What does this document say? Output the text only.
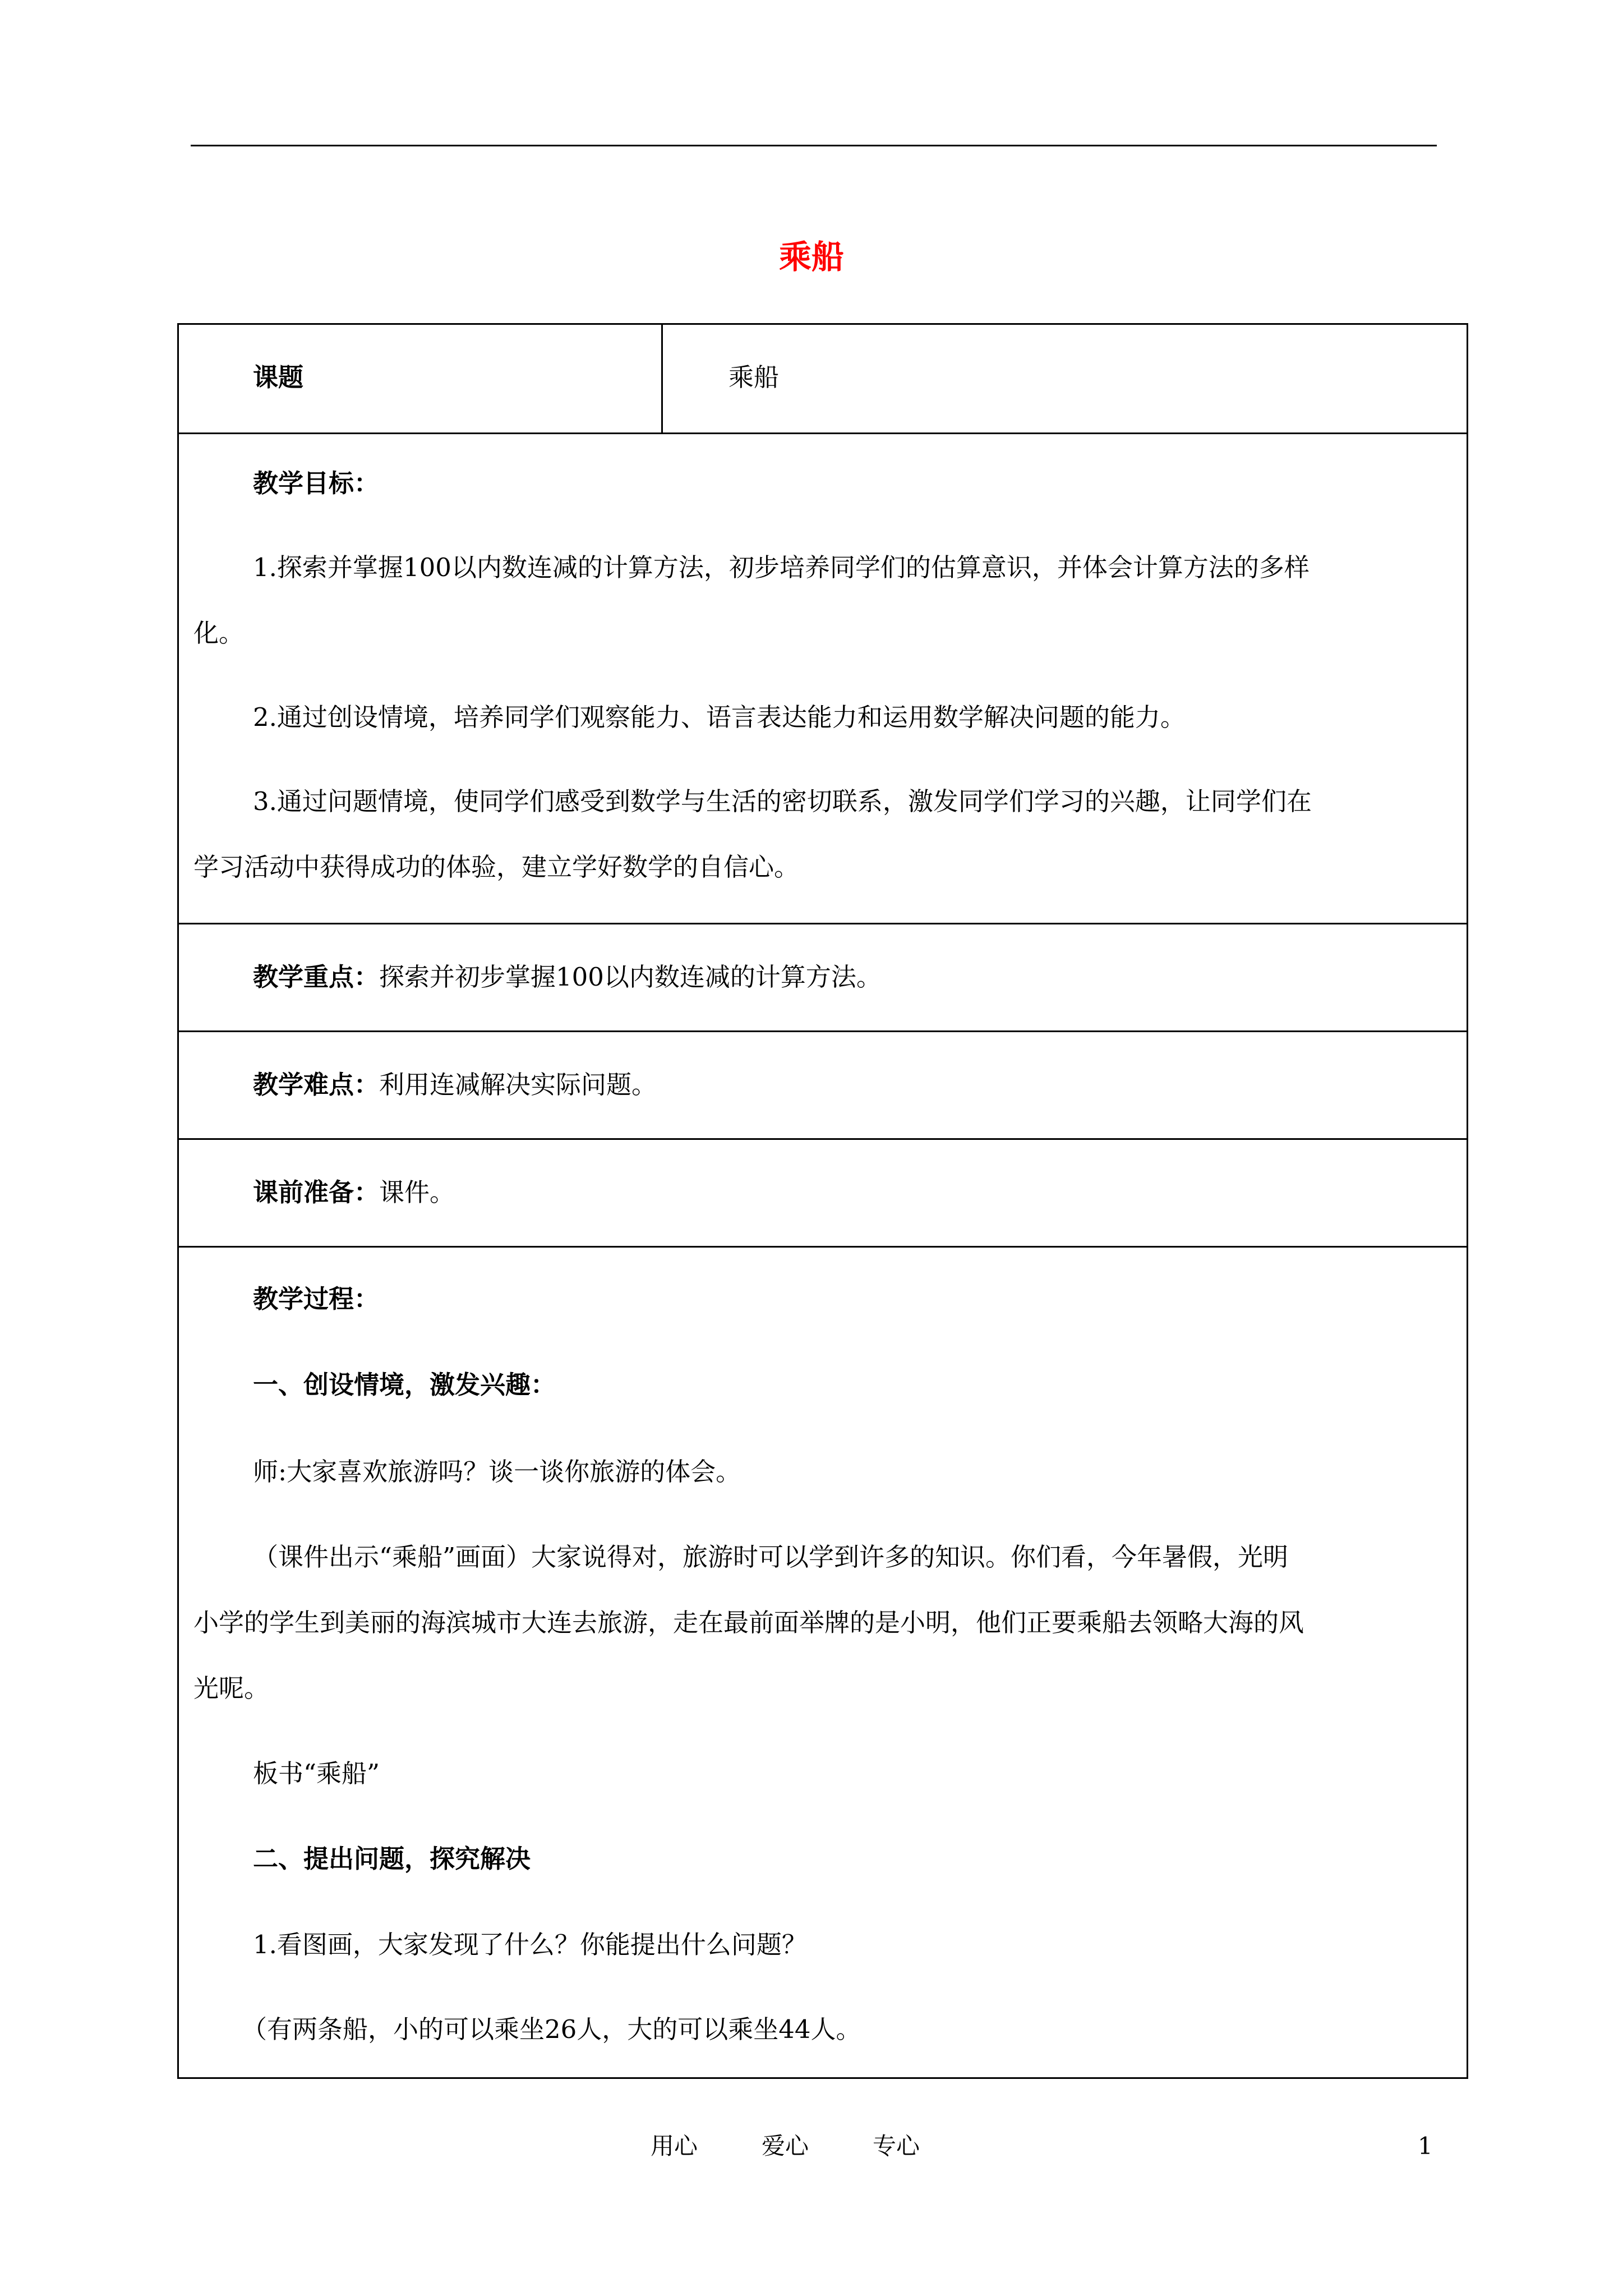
乘船
课题	乘船

教学目标：

1.探索并掌握100以内数连减的计算方法，初步培养同学们的估算意识，并体会计算方法的多样

化。

2.通过创设情境，培养同学们观察能力、语言表达能力和运用数学解决问题的能力。

3.通过问题情境，使同学们感受到数学与生活的密切联系，激发同学们学习的兴趣，让同学们在

学习活动中获得成功的体验，建立学好数学的自信心。

教学重点：探索并初步掌握100以内数连减的计算方法。

教学难点：利用连减解决实际问题。

课前准备：课件。

教学过程：

一、创设情境，激发兴趣：

师:大家喜欢旅游吗？谈一谈你旅游的体会。

（课件出示“乘船”画面）大家说得对，旅游时可以学到许多的知识。你们看，今年暑假，光明

小学的学生到美丽的海滨城市大连去旅游，走在最前面举牌的是小明，他们正要乘船去领略大海的风

光呢。

板书“乘船”

二、提出问题，探究解决

1.看图画，大家发现了什么？你能提出什么问题？

（有两条船，小的可以乘坐26人，大的可以乘坐44人。

用心	爱心	专心	1
